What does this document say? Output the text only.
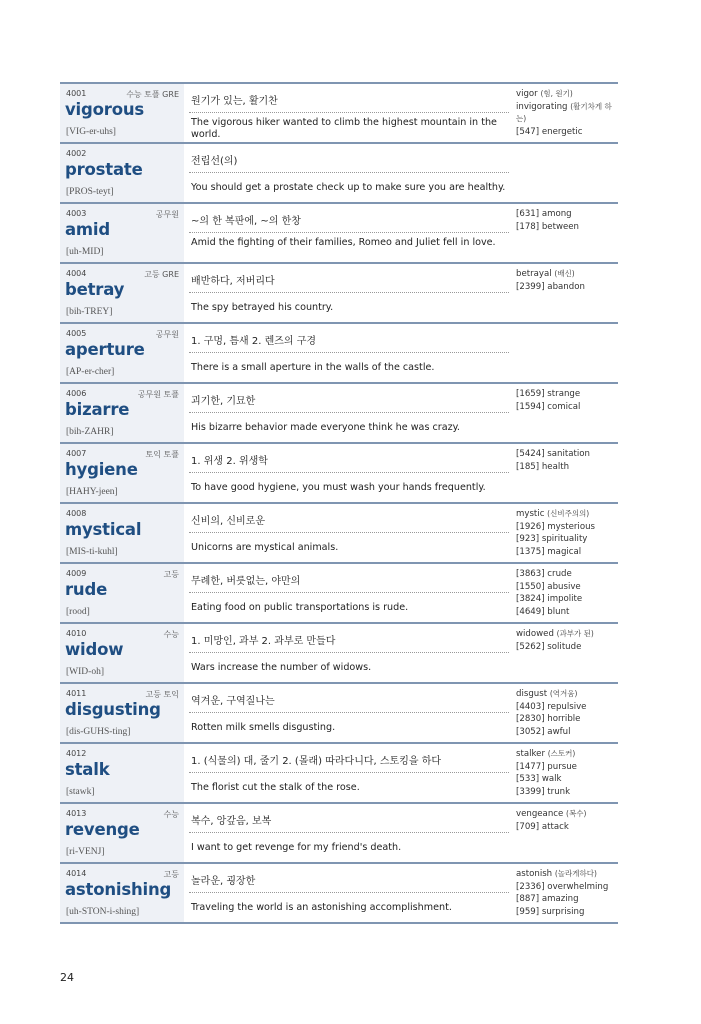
4001	수능 토플 GRE
vigorous
[VIG-er-uhs]
원기가 있는, 활기찬
The vigorous hiker wanted to climb the highest mountain in the world.
vigor (힘, 원기)
invigorating (활기차게 하는)
[547] energetic
4002
prostate
[PROS-teyt]
전립선(의)
You should get a prostate check up to make sure you are healthy.
4003	공무원
amid
[uh-MID]
~의 한 복판에, ~의 한창
Amid the fighting of their families, Romeo and Juliet fell in love.
[631] among
[178] between
4004	고등 GRE
betray
[bih-TREY]
배반하다, 저버리다
The spy betrayed his country.
betrayal (배신)
[2399] abandon
4005	공무원
aperture
[AP-er-cher]
1. 구멍, 틈새 2. 렌즈의 구경
There is a small aperture in the walls of the castle.
4006	공무원 토플
bizarre
[bih-ZAHR]
괴기한, 기묘한
His bizarre behavior made everyone think he was crazy.
[1659] strange
[1594] comical
4007	토익 토플
hygiene
[HAHY-jeen]
1. 위생 2. 위생학
To have good hygiene, you must wash your hands frequently.
[5424] sanitation
[185] health
4008
mystical
[MIS-ti-kuhl]
신비의, 신비로운
Unicorns are mystical animals.
mystic (신비주의의)
[1926] mysterious
[923] spirituality
[1375] magical
4009	고등
rude
[rood]
무례한, 버릇없는, 야만의
Eating food on public transportations is rude.
[3863] crude
[1550] abusive
[3824] impolite
[4649] blunt
4010	수능
widow
[WID-oh]
1. 미망인, 과부 2. 과부로 만들다
Wars increase the number of widows.
widowed (과부가 된)
[5262] solitude
4011	고등 토익
disgusting
[dis-GUHS-ting]
역겨운, 구역질나는
Rotten milk smells disgusting.
disgust (역겨움)
[4403] repulsive
[2830] horrible
[3052] awful
4012
stalk
[stawk]
1. (식물의) 대, 줄기 2. (몰래) 따라다니다, 스토킹을 하다
The florist cut the stalk of the rose.
stalker (스토커)
[1477] pursue
[533] walk
[3399] trunk
4013	수능
revenge
[ri-VENJ]
복수, 앙갚음, 보복
I want to get revenge for my friend's death.
vengeance (복수)
[709] attack
4014	고등
astonishing
[uh-STON-i-shing]
놀라운, 굉장한
Traveling the world is an astonishing accomplishment.
astonish (놀라게하다)
[2336] overwhelming
[887] amazing
[959] surprising
24
